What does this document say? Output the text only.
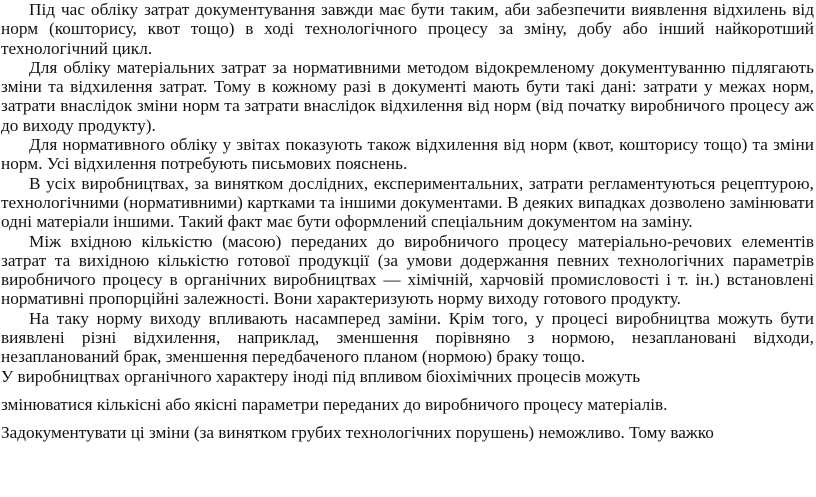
Під час обліку затрат документування завжди має бути таким, аби забезпечити виявлення відхилень від норм (кошторису, квот тощо) в ході технологічного процесу за зміну, добу або інший найкоротший технологічний цикл.

Для обліку матеріальних затрат за нормативними методом відокремленому документуванню підлягають зміни та відхилення затрат. Тому в кожному разі в документі мають бути такі дані: затрати у межах норм, затрати внаслідок зміни норм та затрати внаслідок відхилення від норм (від початку виробничого процесу аж до виходу продукту).

Для нормативного обліку у звітах показують також відхилення від норм (квот, кошторису тощо) та зміни норм. Усі відхилення потребують письмових пояснень.

В усіх виробництвах, за винятком дослідних, експериментальних, затрати регламентуються рецептурою, технологічними (нормативними) картками та іншими документами. В деяких випадках дозволено замінювати одні матеріали іншими. Такий факт має бути оформлений спеціальним документом на заміну.

Між вхідною кількістю (масою) переданих до виробничого процесу матеріально-речових елементів затрат та вихідною кількістю готової продукції (за умови додержання певних технологічних параметрів виробничого процесу в органічних виробництвах — хімічній, харчовій промисловості і т. ін.) встановлені нормативні пропорційні залежності. Вони характеризують норму виходу готового продукту.

На таку норму виходу впливають насамперед заміни. Крім того, у процесі виробництва можуть бути виявлені різні відхилення, наприклад, зменшення порівняно з нормою, незаплановані відходи, незапланований брак, зменшення передбаченого планом (нормою) браку тощо.

У виробництвах органічного характеру іноді під впливом біохімічних процесів можуть

змінюватися кількісні або якісні параметри переданих до виробничого процесу матеріалів.

Задокументувати ці зміни (за винятком грубих технологічних порушень) неможливо. Тому важко
